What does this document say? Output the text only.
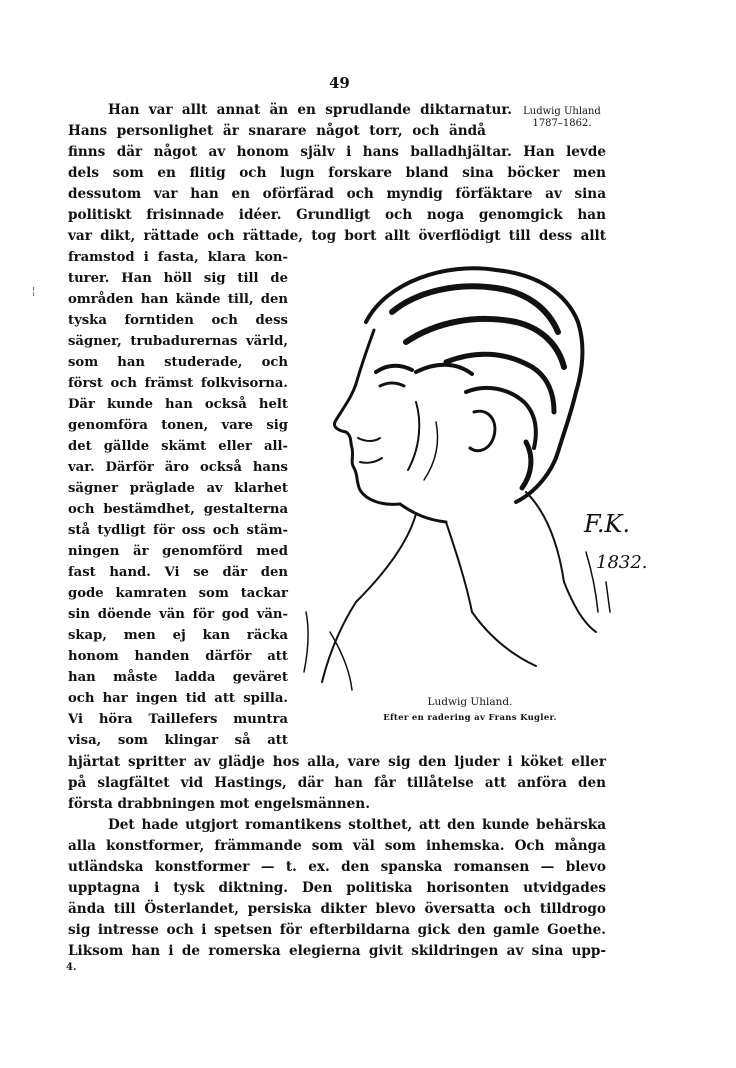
49
Ludwig Uhland
1787–1862.
¦
Han var allt annat än en sprudlande diktarnatur.
Hans personlighet är snarare något torr, och ändå
finns där något av honom själv i hans balladhjältar. Han levde
dels som en flitig och lugn forskare bland sina böcker men
dessutom var han en oförfärad och myndig förfäktare av sina
politiskt frisinnade idéer. Grundligt och noga genomgick han
var dikt, rättade och rättade, tog bort allt överflödigt till dess allt
framstod i fasta, klara kon-
turer. Han höll sig till de
områden han kände till, den
tyska forntiden och dess
sägner, trubadurernas värld,
som han studerade, och
först och främst folkvisorna.
Där kunde han också helt
genomföra tonen, vare sig
det gällde skämt eller all-
var. Därför äro också hans
sägner präglade av klarhet
och bestämdhet, gestalterna
stå tydligt för oss och stäm-
ningen är genomförd med
fast hand. Vi se där den
gode kamraten som tackar
sin döende vän för god vän-
skap, men ej kan räcka
honom handen därför att
han måste ladda geväret
och har ingen tid att spilla.
Vi höra Taillefers muntra
visa, som klingar så att
hjärtat spritter av glädje hos alla, vare sig den ljuder i köket eller
på slagfältet vid Hastings, där han får tillåtelse att anföra den
första drabbningen mot engelsmännen.
Det hade utgjort romantikens stolthet, att den kunde behärska
alla konstformer, främmande som väl som inhemska. Och många
utländska konstformer — t. ex. den spanska romansen — blevo
upptagna i tysk diktning. Den politiska horisonten utvidgades
ända till Österlandet, persiska dikter blevo översatta och tilldrogo
sig intresse och i spetsen för efterbildarna gick den gamle Goethe.
Liksom han i de romerska elegierna givit skildringen av sina upp-
4.
F.K.
1832.
Ludwig Uhland.
Efter en radering av Frans Kugler.
